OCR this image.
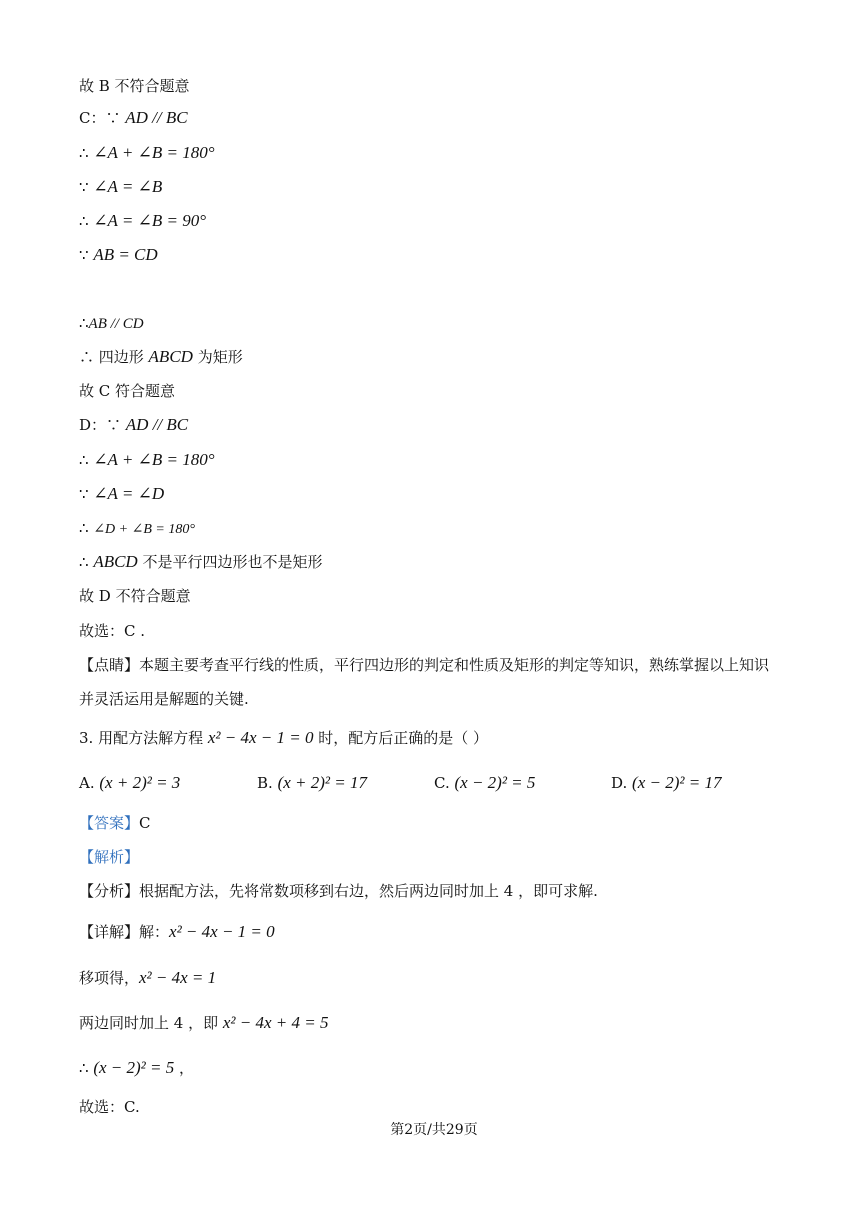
故 B 不符合题意
C：∵ AD // BC
∴ ∠A + ∠B = 180°
∵ ∠A = ∠B
∴ ∠A = ∠B = 90°
∵ AB = CD
∴AB // CD
∴ 四边形 ABCD 为矩形
故 C 符合题意
D：∵ AD // BC
∴ ∠A + ∠B = 180°
∵ ∠A = ∠D
∴ ∠D + ∠B = 180°
∴ ABCD 不是平行四边形也不是矩形
故 D 不符合题意
故选：C .
【点睛】本题主要考查平行线的性质，平行四边形的判定和性质及矩形的判定等知识，熟练掌握以上知识
并灵活运用是解题的关键.
3. 用配方法解方程 x² − 4x − 1 = 0 时，配方后正确的是（ ）
A. (x + 2)² = 3	B. (x + 2)² = 17	C. (x − 2)² = 5	D. (x − 2)² = 17
【答案】C
【解析】
【分析】根据配方法，先将常数项移到右边，然后两边同时加上 4 ，即可求解.
【详解】解：x² − 4x − 1 = 0
移项得，x² − 4x = 1
两边同时加上 4 ，即 x² − 4x + 4 = 5
∴ (x − 2)² = 5 ，
故选：C.
第2页/共29页
